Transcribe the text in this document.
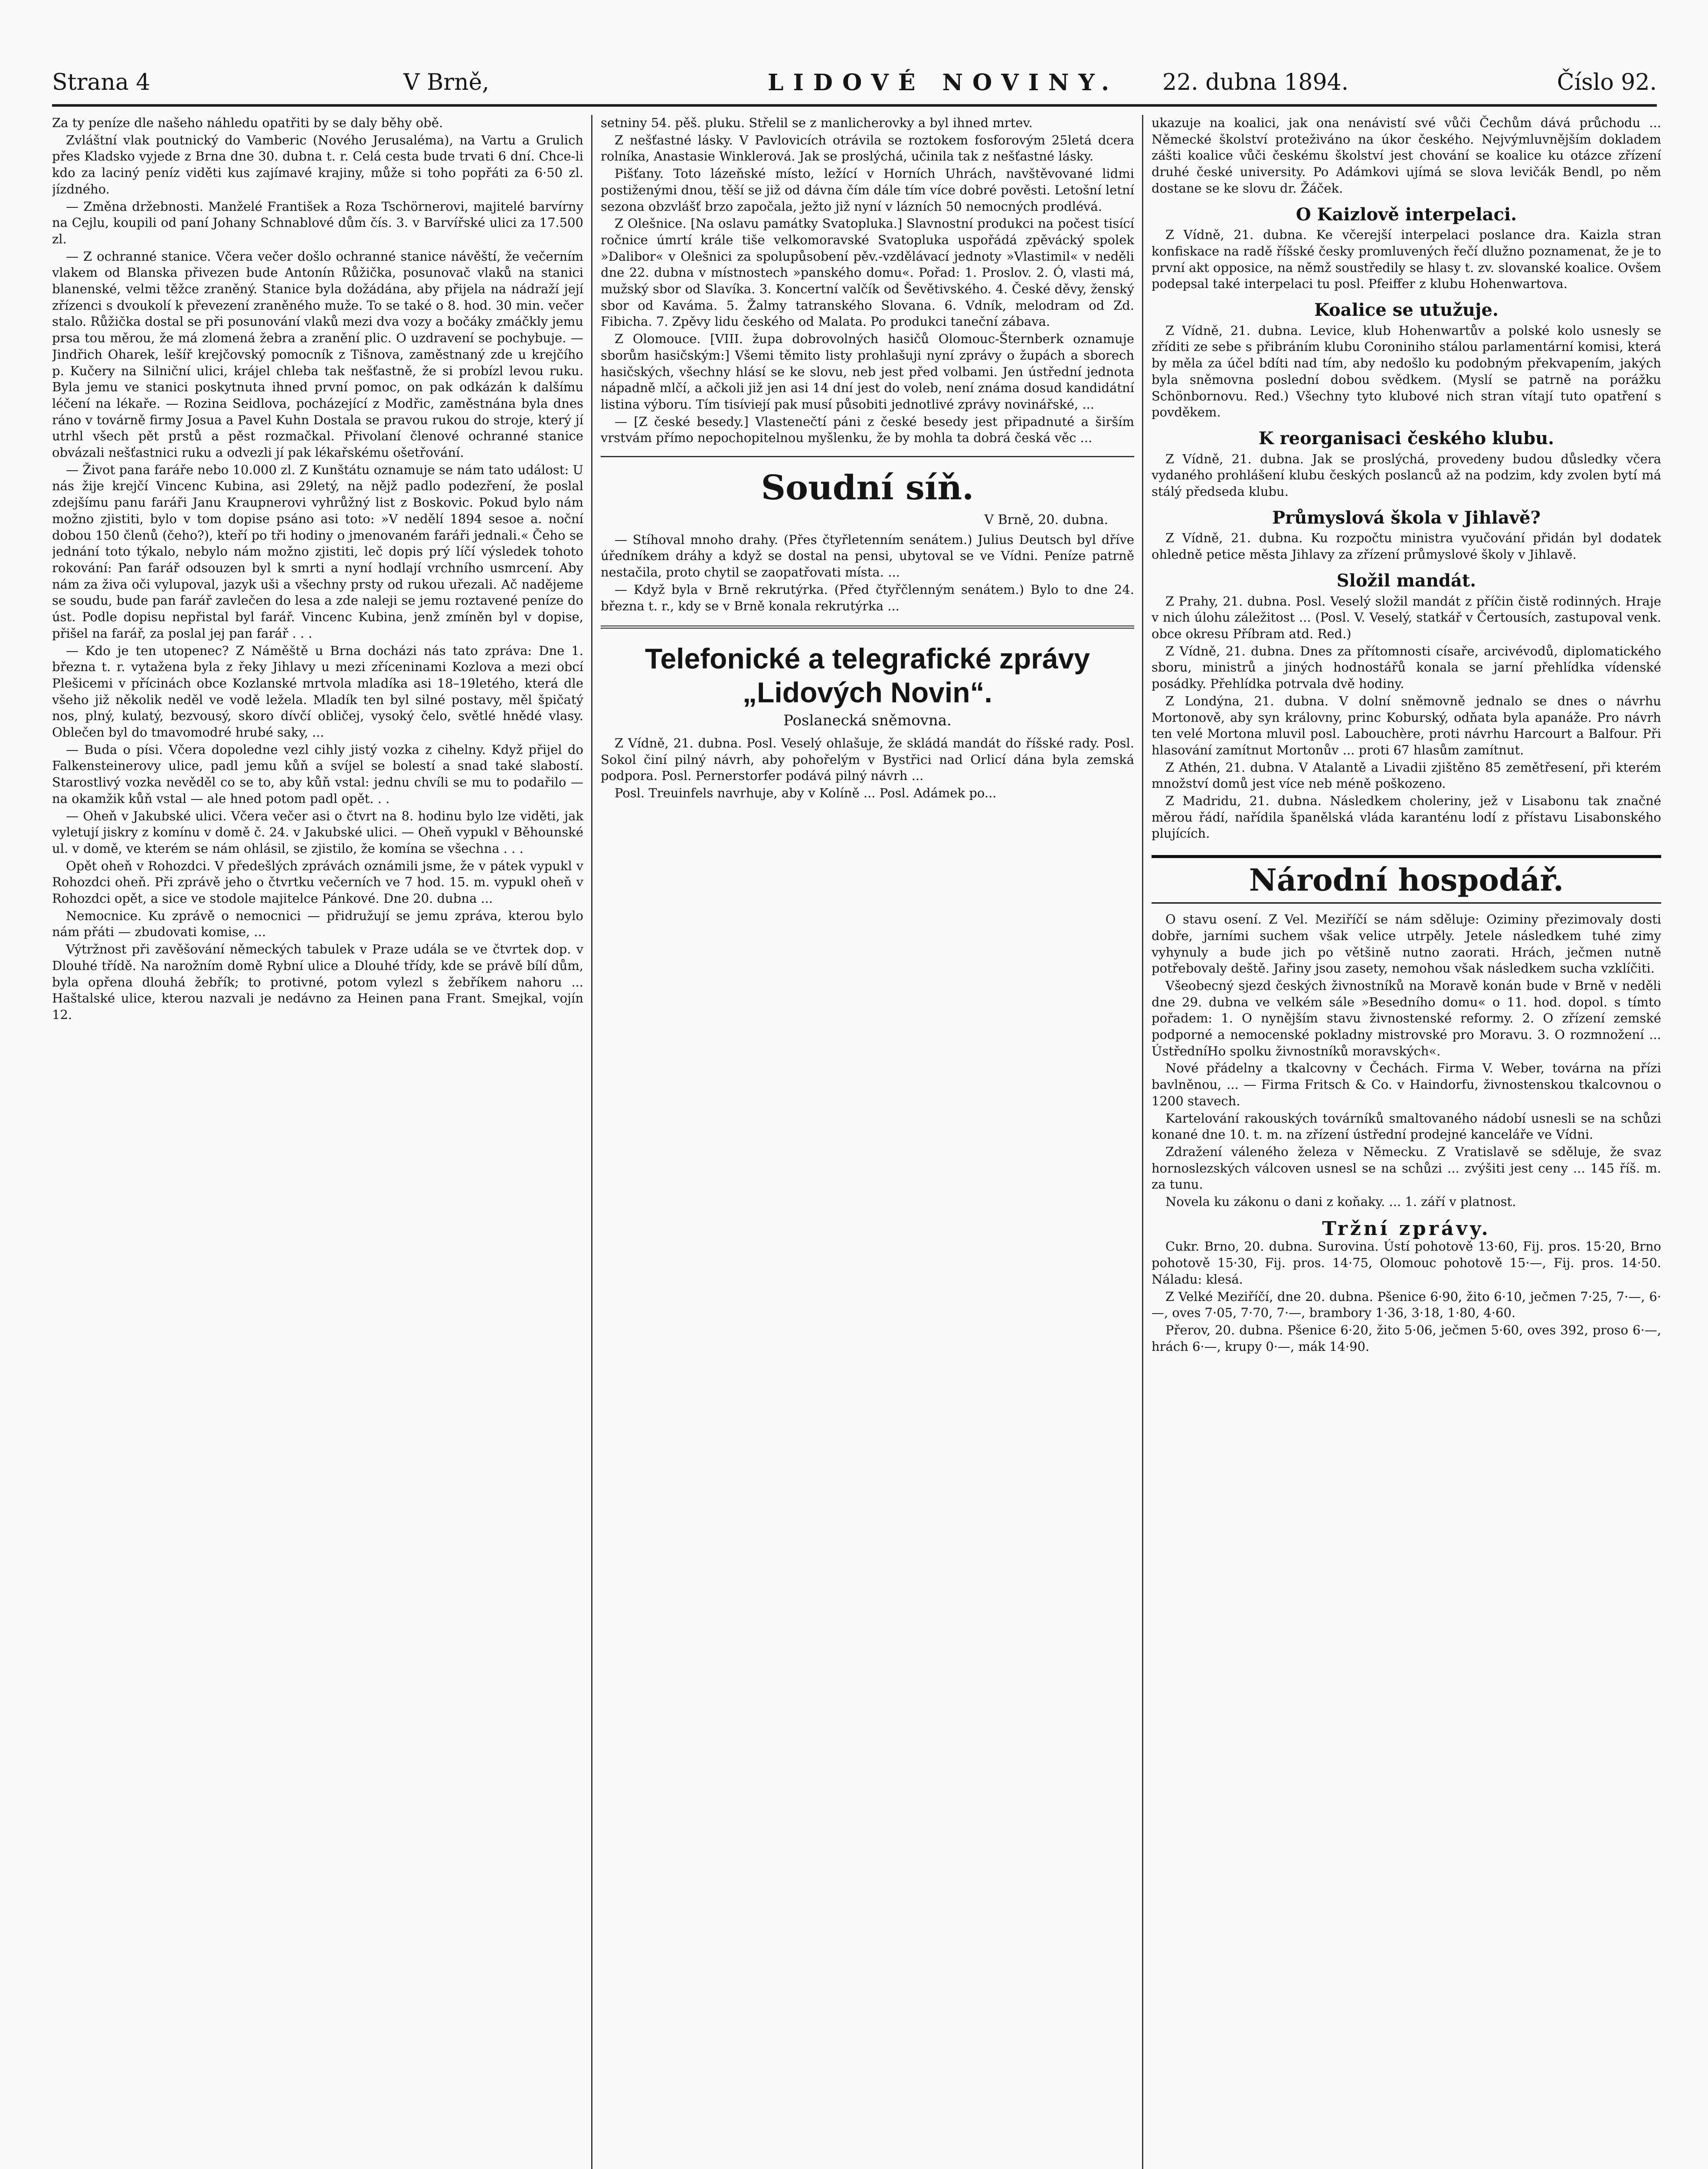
Strana 4	V Brně,	LIDOVÉ NOVINY. 22. dubna 1894.	Číslo 92.

Za ty peníze dle našeho náhledu opatřiti by se daly běhy obě.

Zvláštní vlak poutnický do Vamberic (Nového Jerusaléma), na Vartu a Grulich přes Kladsko vyjede z Brna dne 30. dubna t. r. Celá cesta bude trvati 6 dní. Chce-li kdo za laciný peníz viděti kus zajímavé krajiny, může si toho popřáti za 6·50 zl. jízdného.

— Změna držebnosti. Manželé František a Roza Tschörnerovi, majitelé barvírny na Cejlu, koupili od paní Johany Schnablové dům čís. 3. v Barvířské ulici za 17.500 zl.

— Z ochranné stanice. Včera večer došlo ochranné stanice návěští, že večerním vlakem od Blanska přivezen bude Antonín Růžička, posunovač vlaků na stanici blanenské, velmi těžce zraněný. Stanice byla dožádána, aby přijela na nádraží její zřízenci s dvoukolí k převezení zraněného muže. To se také o 8. hod. 30 min. večer stalo. Růžička dostal se při posunování vlaků mezi dva vozy a bočáky zmáčkly jemu prsa tou měrou, že má zlomená žebra a zranění plic. O uzdravení se pochybuje. — Jindřich Oharek, lešíř krejčovský pomocník z Tišnova, zaměstnaný zde u krejčího p. Kučery na Silniční ulici, krájel chleba tak nešťastně, že si probízl levou ruku. Byla jemu ve stanici poskytnuta ihned první pomoc, on pak odkázán k dalšímu léčení na lékaře. — Rozina Seidlova, pocházející z Modřic, zaměstnána byla dnes ráno v továrně firmy Josua a Pavel Kuhn Dostala se pravou rukou do stroje, který jí utrhl všech pět prstů a pěst rozmačkal. Přivolaní členové ochranné stanice obvázali nešťastnici ruku a odvezli jí pak lékařskému ošetřování.

— Život pana faráře nebo 10.000 zl. Z Kunštátu oznamuje se nám tato událost: U nás žije krejčí Vincenc Kubina, asi 29letý, na nějž padlo podezření, že poslal zdejšímu panu faráři Janu Kraupnerovi vyhrůžný list z Boskovic. Pokud bylo nám možno zjistiti, bylo v tom dopise psáno asi toto: »V nedělí 1894 sesoe a. noční dobou 150 členů (čeho?), kteří po tři hodiny o jmenovaném faráři jednali.« Čeho se jednání toto týkalo, nebylo nám možno zjistiti, leč dopis prý líčí výsledek tohoto rokování: Pan farář odsouzen byl k smrti a nyní hodlají vrchního usmrcení. Aby nám za živa oči vylupoval, jazyk uši a všechny prsty od rukou uřezali. Ač nadějeme se soudu, bude pan farář zavlečen do lesa a zde naleji se jemu roztavené peníze do úst. Podle dopisu nepřistal byl farář. Vincenc Kubina, jenž zmíněn byl v dopise, přišel na farář, za poslal jej pan farář . . .

— Kdo je ten utopenec? Z Náměště u Brna docházi nás tato zpráva: Dne 1. března t. r. vytažena byla z řeky Jihlavy u mezi zříceninami Kozlova a mezi obcí Plešicemi v přícinách obce Kozlanské mrtvola mladíka asi 18–19letého, která dle všeho již několik neděl ve vodě ležela. Mladík ten byl silné postavy, měl špičatý nos, plný, kulatý, bezvousý, skoro dívčí obličej, vysoký čelo, světlé hnědé vlasy. Oblečen byl do tmavomodré hrubé saky, ...

— Buda o písi. Včera dopoledne vezl cihly jistý vozka z cihelny. Když přijel do Falkensteinerovy ulice, padl jemu kůň a svíjel se bolestí a snad také slabostí. Starostlivý vozka nevěděl co se to, aby kůň vstal: jednu chvíli se mu to podařilo — na okamžik kůň vstal — ale hned potom padl opět. . .

— Oheň v Jakubské ulici. Včera večer asi o čtvrt na 8. hodinu bylo lze viděti, jak vyletují jiskry z komínu v domě č. 24. v Jakubské ulici. — Oheň vypukl v Běhounské ul. v domě, ve kterém se nám ohlásil, se zjistilo, že komína se všechna . . .

Opět oheň v Rohozdci. V předešlých zprávách oznámili jsme, že v pátek vypukl v Rohozdci oheň. Při zprávě jeho o čtvrtku večerních ve 7 hod. 15. m. vypukl oheň v Rohozdci opět, a sice ve stodole majitelce Pánkové. Dne 20. dubna ...

Nemocnice. Ku zprávě o nemocnici — přidružují se jemu zpráva, kterou bylo nám přáti — zbudovati komise, ...

Výtržnost při zavěšování německých tabulek v Praze udála se ve čtvrtek dop. v Dlouhé třídě. Na narožním domě Rybní ulice a Dlouhé třídy, kde se právě bílí dům, byla opřena dlouhá žebřík; to protivné, potom vylezl s žebříkem nahoru ... Haštalské ulice, kterou nazvali je nedávno za Heinen pana Frant. Smejkal, vojín 12.

setniny 54. pěš. pluku. Střelil se z manlicherovky a byl ihned mrtev.

Z nešťastné lásky. V Pavlovicích otrávila se roztokem fosforovým 25letá dcera rolníka, Anastasie Winklerová. Jak se proslýchá, učinila tak z nešťastné lásky.

Pišťany. Toto lázeňské místo, ležící v Horních Uhrách, navštěvované lidmi postiženými dnou, těší se již od dávna čím dále tím více dobré pověsti. Letošní letní sezona obzvlášť brzo započala, ježto již nyní v lázních 50 nemocných prodlévá.

Z Olešnice. [Na oslavu památky Svatopluka.] Slavnostní produkci na počest tisící ročnice úmrtí krále tiše velkomoravské Svatopluka uspořádá zpěvácký spolek »Dalibor« v Olešnici za spolupůsobení pěv.-vzdělávací jednoty »Vlastimil« v neděli dne 22. dubna v místnostech »panského domu«. Pořad: 1. Proslov. 2. Ó, vlasti má, mužský sbor od Slavíka. 3. Koncertní valčík od Ševětivského. 4. České děvy, ženský sbor od Kaváma. 5. Žalmy tatranského Slovana. 6. Vdník, melodram od Zd. Fibicha. 7. Zpěvy lidu českého od Malata. Po produkci taneční zábava.

Z Olomouce. [VIII. župa dobrovolných hasičů Olomouc-Šternberk oznamuje sborům hasičským:] Všemi těmito listy prohlašuji nyní zprávy o župách a sborech hasičských, všechny hlásí se ke slovu, neb jest před volbami. Jen ústřední jednota nápadně mlčí, a ačkoli již jen asi 14 dní jest do voleb, není známa dosud kandidátní listina výboru. Tím tisíviejí pak musí působiti jednotlivé zprávy novinářské, ...

— [Z české besedy.] Vlastenečtí páni z české besedy jest připadnuté a širším vrstvám přímo nepochopitelnou myšlenku, že by mohla ta dobrá česká věc ...

Soudní síň.
V Brně, 20. dubna.

— Stíhoval mnoho drahy. (Přes čtyřletenním senátem.) Julius Deutsch byl dříve úředníkem dráhy a když se dostal na pensi, ubytoval se ve Vídni. Peníze patrně nestačila, proto chytil se zaopatřovati místa. ...

— Když byla v Brně rekrutýrka. (Před čtyřčlenným senátem.) Bylo to dne 24. března t. r., kdy se v Brně konala rekrutýrka ...

Telefonické a telegrafické zprávy „Lidových Novin“.
Poslanecká sněmovna.

Z Vídně, 21. dubna. Posl. Veselý ohlašuje, že skládá mandát do říšské rady. Posl. Sokol činí pilný návrh, aby pohořelým v Bystřici nad Orlicí dána byla zemská podpora. Posl. Pernerstorfer podává pilný návrh ...

Posl. Treuinfels navrhuje, aby v Kolíně ... Posl. Adámek po...

ukazuje na koalici, jak ona nenávistí své vůči Čechům dává průchodu ... Německé školství proteživáno na úkor českého. Nejvýmluvnějším dokladem zášti koalice vůči českému školství jest chování se koalice ku otázce zřízení druhé české university. Po Adámkovi ujímá se slova levičák Bendl, po něm dostane se ke slovu dr. Žáček.

O Kaizlově interpelaci.

Z Vídně, 21. dubna. Ke včerejší interpelaci poslance dra. Kaizla stran konfiskace na radě říšské česky promluvených řečí dlužno poznamenat, že je to první akt opposice, na němž soustředily se hlasy t. zv. slovanské koalice. Ovšem podepsal také interpelaci tu posl. Pfeiffer z klubu Hohenwartova.

Koalice se utužuje.

Z Vídně, 21. dubna. Levice, klub Hohenwartův a polské kolo usnesly se zříditi ze sebe s přibráním klubu Coroniniho stálou parlamentární komisi, která by měla za účel bdíti nad tím, aby nedošlo ku podobným překvapením, jakých byla sněmovna poslední dobou svědkem. (Myslí se patrně na porážku Schönbornovu. Red.) Všechny tyto klubové nich stran vítají tuto opatření s povděkem.

K reorganisaci českého klubu.

Z Vídně, 21. dubna. Jak se proslýchá, provedeny budou důsledky včera vydaného prohlášení klubu českých poslanců až na podzim, kdy zvolen bytí má stálý předseda klubu.

Průmyslová škola v Jihlavě?

Z Vídně, 21. dubna. Ku rozpočtu ministra vyučování přidán byl dodatek ohledně petice města Jihlavy za zřízení průmyslové školy v Jihlavě.

Složil mandát.

Z Prahy, 21. dubna. Posl. Veselý složil mandát z příčin čistě rodinných. Hraje v nich úlohu záležitost ... (Posl. V. Veselý, statkář v Čertousích, zastupoval venk. obce okresu Příbram atd. Red.)

Z Vídně, 21. dubna. Dnes za přítomnosti císaře, arcivévodů, diplomatického sboru, ministrů a jiných hodnostářů konala se jarní přehlídka vídenské posádky. Přehlídka potrvala dvě hodiny.

Z Londýna, 21. dubna. V dolní sněmovně jednalo se dnes o návrhu Mortonově, aby syn královny, princ Koburský, odňata byla apanáže. Pro návrh ten velé Mortona mluvil posl. Labouchère, proti návrhu Harcourt a Balfour. Při hlasování zamítnut Mortonův ... proti 67 hlasům zamítnut.

Z Athén, 21. dubna. V Atalantě a Livadii zjištěno 85 zemětřesení, při kterém množství domů jest více neb méně poškozeno.

Z Madridu, 21. dubna. Následkem choleriny, jež v Lisabonu tak značné měrou řádí, nařídila španělská vláda karanténu lodí z přístavu Lisabonského plujících.

Národní hospodář.

O stavu osení. Z Vel. Meziříčí se nám sděluje: Oziminy přezimovaly dosti dobře, jarními suchem však velice utrpěly. Jetele následkem tuhé zimy vyhynuly a bude jich po většině nutno zaorati. Hrách, ječmen nutně potřebovaly deště. Jařiny jsou zasety, nemohou však následkem sucha vzklíčiti.

Všeobecný sjezd českých živnostníků na Moravě konán bude v Brně v neděli dne 29. dubna ve velkém sále »Besedního domu« o 11. hod. dopol. s tímto pořadem: 1. O nynějším stavu živnostenské reformy. 2. O zřízení zemské podporné a nemocenské pokladny mistrovské pro Moravu. 3. O rozmnožení ... ÚstředníHo spolku živnostníků moravských«.

Nové přádelny a tkalcovny v Čechách. Firma V. Weber, továrna na přízi bavlněnou, ... — Firma Fritsch & Co. v Haindorfu, živnostenskou tkalcovnou o 1200 stavech.

Kartelování rakouských továrníků smaltovaného nádobí usnesli se na schůzi konané dne 10. t. m. na zřízení ústřední prodejné kanceláře ve Vídni.

Zdražení váleného železa v Německu. Z Vratislavě se sděluje, že svaz hornoslezských válcoven usnesl se na schůzi ... zvýšiti jest ceny ... 145 říš. m. za tunu.

Novela ku zákonu o dani z koňaky. ... 1. září v platnost.

Tržní zprávy.

Cukr. Brno, 20. dubna. Surovina. Ústí pohotově 13·60, Fij. pros. 15·20, Brno pohotově 15·30, Fij. pros. 14·75, Olomouc pohotově 15·—, Fij. pros. 14·50. Náladu: klesá.

Z Velké Meziříčí, dne 20. dubna. Pšenice 6·90, žito 6·10, ječmen 7·25, 7·—, 6·—, oves 7·05, 7·70, 7·—, brambory 1·36, 3·18, 1·80, 4·60.

Přerov, 20. dubna. Pšenice 6·20, žito 5·06, ječmen 5·60, oves 392, proso 6·—, hrách 6·—, krupy 0·—, mák 14·90.
